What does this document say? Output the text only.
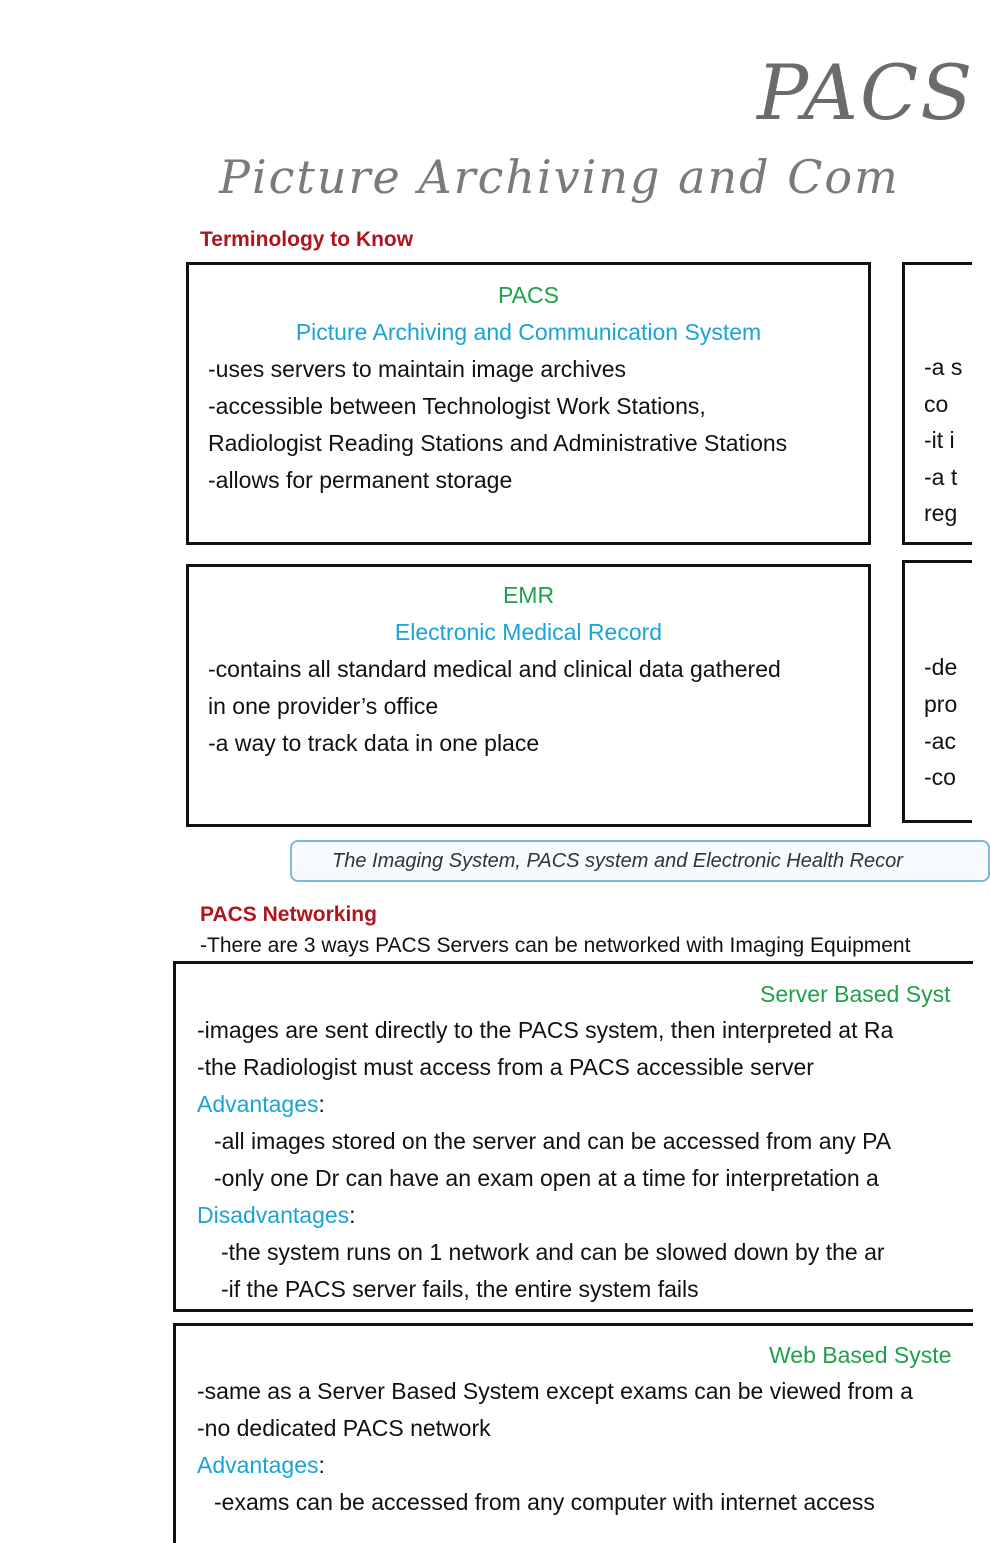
PACS
Picture Archiving and Com
Terminology to Know
PACS
Picture Archiving and Communication System
-uses servers to maintain image archives
-accessible between Technologist Work Stations,
Radiologist Reading Stations and Administrative Stations
-allows for permanent storage
-a s
co
-it i
-a t
reg
EMR
Electronic Medical Record
-contains all standard medical and clinical data gathered
in one provider’s office
-a way to track data in one place
-de
pro
-ac
-co
The Imaging System, PACS system and Electronic Health Recor
PACS Networking
-There are 3 ways PACS Servers can be networked with Imaging Equipment
Server Based Syst
-images are sent directly to the PACS system, then interpreted at Ra
-the Radiologist must access from a PACS accessible server
Advantages:
-all images stored on the server and can be accessed from any PA
-only one Dr can have an exam open at a time for interpretation a
Disadvantages:
-the system runs on 1 network and can be slowed down by the ar
-if the PACS server fails, the entire system fails
Web Based Syste
-same as a Server Based System except exams can be viewed from a
-no dedicated PACS network
Advantages:
-exams can be accessed from any computer with internet access
